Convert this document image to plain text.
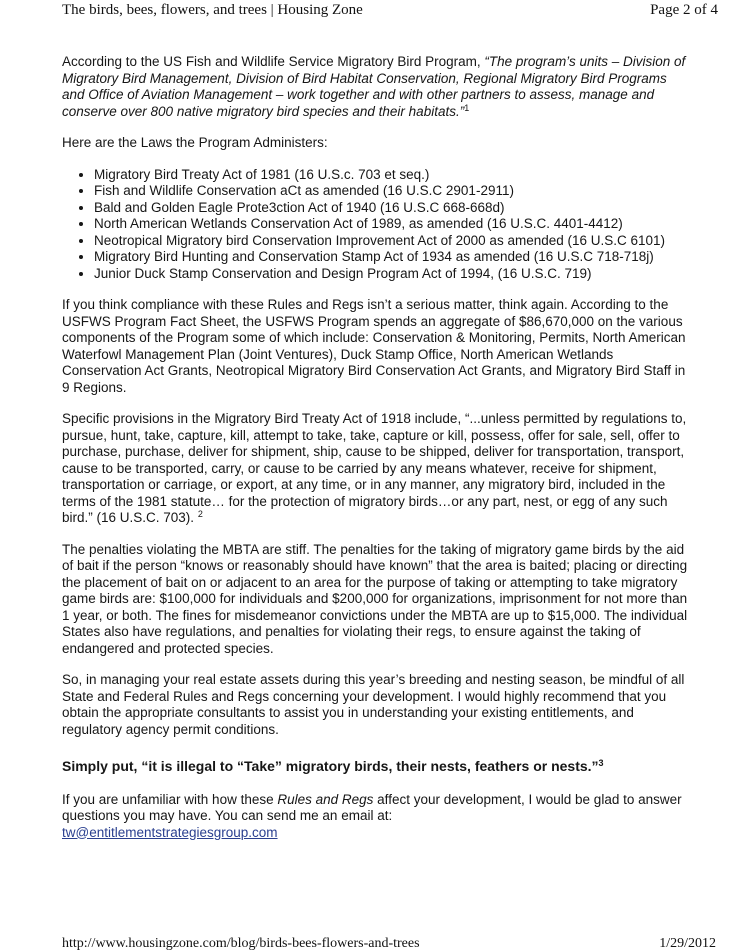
The birds, bees, flowers, and trees | Housing Zone	Page 2 of 4

According to the US Fish and Wildlife Service Migratory Bird Program, “The program’s units – Division of Migratory Bird Management, Division of Bird Habitat Conservation, Regional Migratory Bird Programs and Office of Aviation Management – work together and with other partners to assess, manage and conserve over 800 native migratory bird species and their habitats.”$^1$

Here are the Laws the Program Administers:

• Migratory Bird Treaty Act of 1981 (16 U.S.c. 703 et seq.)
• Fish and Wildlife Conservation aCt as amended (16 U.S.C 2901-2911)
• Bald and Golden Eagle Prote3ction Act of 1940 (16 U.S.C 668-668d)
• North American Wetlands Conservation Act of 1989, as amended (16 U.S.C. 4401-4412)
• Neotropical Migratory bird Conservation Improvement Act of 2000 as amended (16 U.S.C 6101)
• Migratory Bird Hunting and Conservation Stamp Act of 1934 as amended (16 U.S.C 718-718j)
• Junior Duck Stamp Conservation and Design Program Act of 1994, (16 U.S.C. 719)

If you think compliance with these Rules and Regs isn’t a serious matter, think again. According to the USFWS Program Fact Sheet, the USFWS Program spends an aggregate of $86,670,000 on the various components of the Program some of which include: Conservation & Monitoring, Permits, North American Waterfowl Management Plan (Joint Ventures), Duck Stamp Office, North American Wetlands Conservation Act Grants, Neotropical Migratory Bird Conservation Act Grants, and Migratory Bird Staff in 9 Regions.

Specific provisions in the Migratory Bird Treaty Act of 1918 include, “...unless permitted by regulations to, pursue, hunt, take, capture, kill, attempt to take, take, capture or kill, possess, offer for sale, sell, offer to purchase, purchase, deliver for shipment, ship, cause to be shipped, deliver for transportation, transport, cause to be transported, carry, or cause to be carried by any means whatever, receive for shipment, transportation or carriage, or export, at any time, or in any manner, any migratory bird, included in the terms of the 1981 statute… for the protection of migratory birds…or any part, nest, or egg of any such bird.” (16 U.S.C. 703). $^2$

The penalties violating the MBTA are stiff. The penalties for the taking of migratory game birds by the aid of bait if the person “knows or reasonably should have known” that the area is baited; placing or directing the placement of bait on or adjacent to an area for the purpose of taking or attempting to take migratory game birds are: $100,000 for individuals and $200,000 for organizations, imprisonment for not more than 1 year, or both. The fines for misdemeanor convictions under the MBTA are up to $15,000. The individual States also have regulations, and penalties for violating their regs, to ensure against the taking of endangered and protected species.

So, in managing your real estate assets during this year’s breeding and nesting season, be mindful of all State and Federal Rules and Regs concerning your development. I would highly recommend that you obtain the appropriate consultants to assist you in understanding your existing entitlements, and regulatory agency permit conditions.

Simply put, “it is illegal to “Take” migratory birds, their nests, feathers or nests.”$^3$

If you are unfamiliar with how these Rules and Regs affect your development, I would be glad to answer questions you may have. You can send me an email at:
tw@entitlementstrategiesgroup.com

http://www.housingzone.com/blog/birds-bees-flowers-and-trees	1/29/2012
